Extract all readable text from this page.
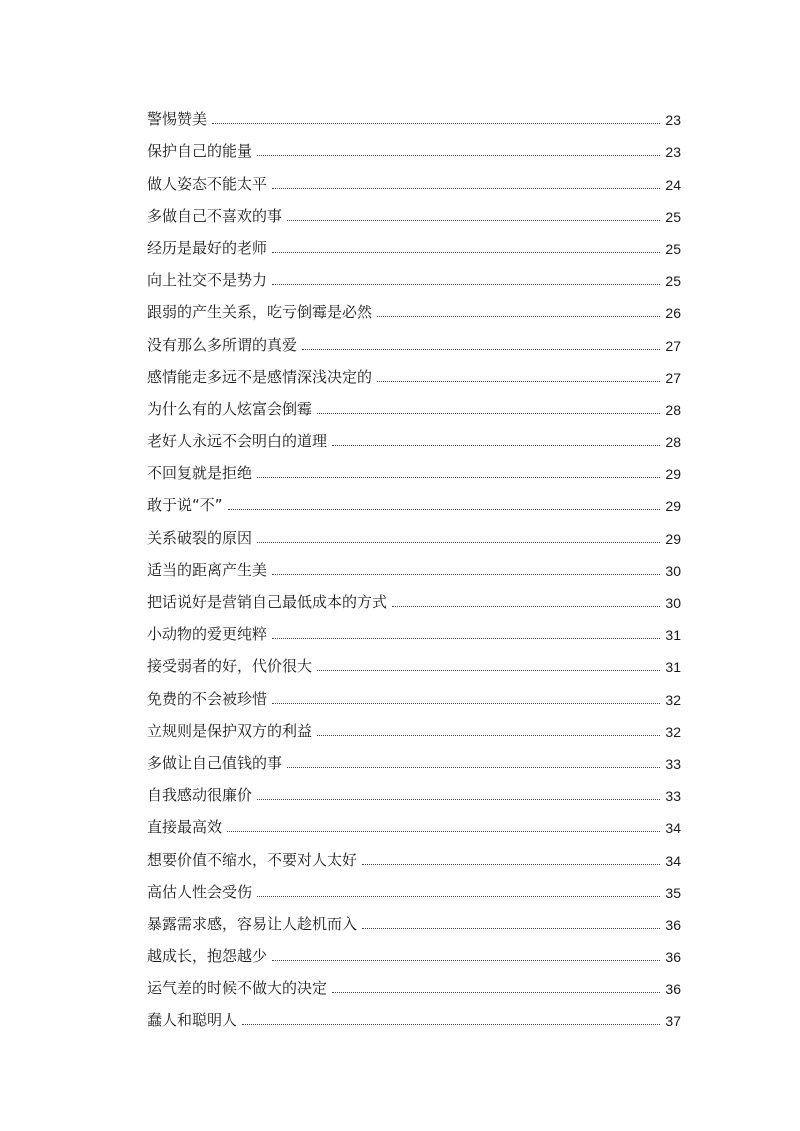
警惕赞美	23
保护自己的能量	23
做人姿态不能太平	24
多做自己不喜欢的事	25
经历是最好的老师	25
向上社交不是势力	25
跟弱的产生关系，吃亏倒霉是必然	26
没有那么多所谓的真爱	27
感情能走多远不是感情深浅决定的	27
为什么有的人炫富会倒霉	28
老好人永远不会明白的道理	28
不回复就是拒绝	29
敢于说“不”	29
关系破裂的原因	29
适当的距离产生美	30
把话说好是营销自己最低成本的方式	30
小动物的爱更纯粹	31
接受弱者的好，代价很大	31
免费的不会被珍惜	32
立规则是保护双方的利益	32
多做让自己值钱的事	33
自我感动很廉价	33
直接最高效	34
想要价值不缩水，不要对人太好	34
高估人性会受伤	35
暴露需求感，容易让人趁机而入	36
越成长，抱怨越少	36
运气差的时候不做大的决定	36
蠢人和聪明人	37
